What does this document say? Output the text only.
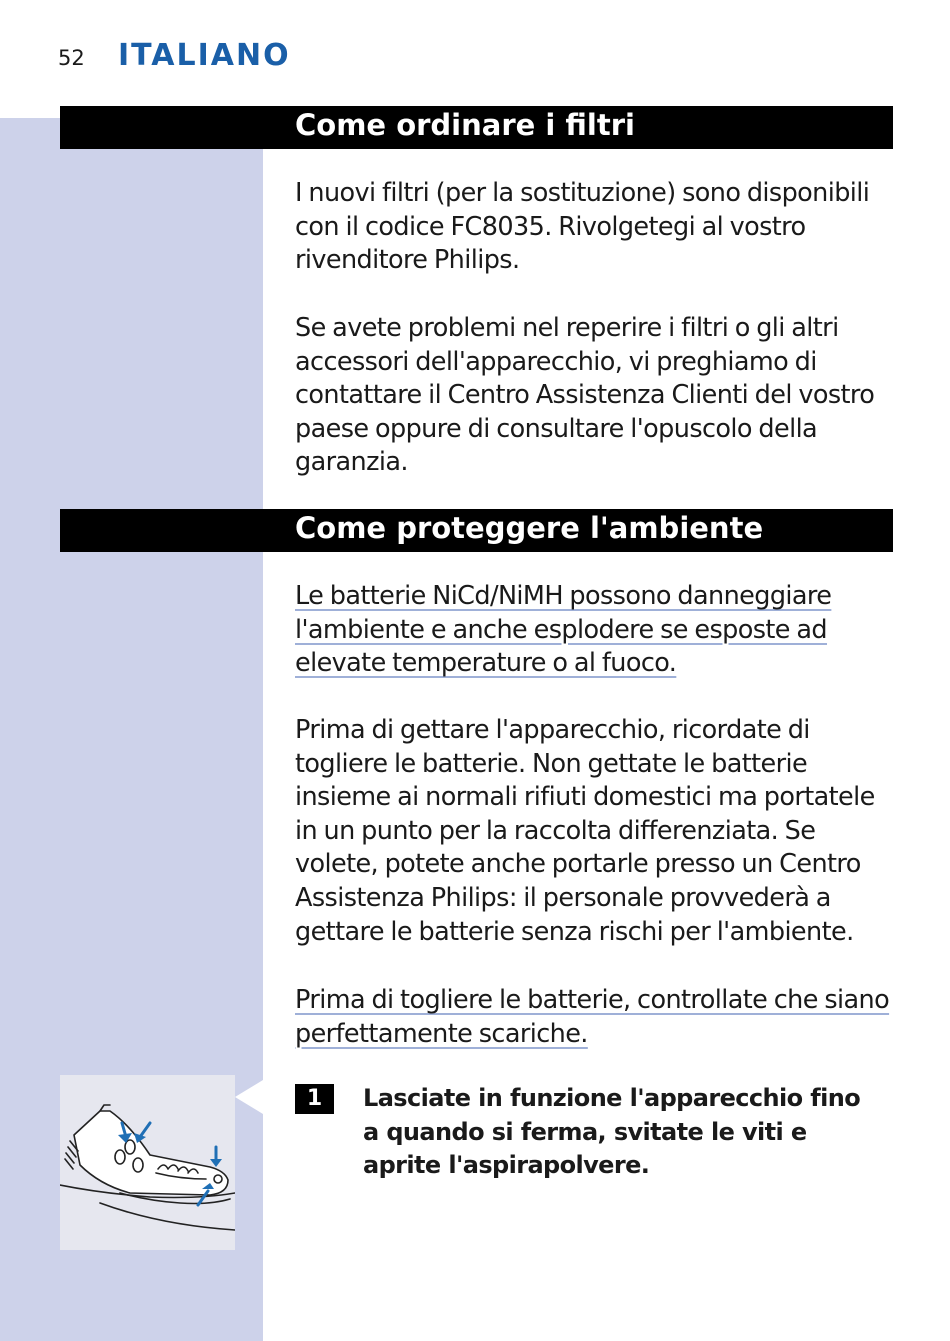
52 ITALIANO
Come ordinare i filtri

I nuovi filtri (per la sostituzione) sono disponibili con il codice FC8035. Rivolgetegi al vostro rivenditore Philips.

Se avete problemi nel reperire i filtri o gli altri accessori dell'apparecchio, vi preghiamo di contattare il Centro Assistenza Clienti del vostro paese oppure di consultare l'opuscolo della garanzia.

Come proteggere l'ambiente

Le batterie NiCd/NiMH possono danneggiare l'ambiente e anche esplodere se esposte ad elevate temperature o al fuoco.

Prima di gettare l'apparecchio, ricordate di togliere le batterie. Non gettate le batterie insieme ai normali rifiuti domestici ma portatele in un punto per la raccolta differenziata. Se volete, potete anche portarle presso un Centro Assistenza Philips: il personale provvederà a gettare le batterie senza rischi per l'ambiente.

Prima di togliere le batterie, controllate che siano perfettamente scariche.

1	Lasciate in funzione l'apparecchio fino a quando si ferma, svitate le viti e aprite l'aspirapolvere.
